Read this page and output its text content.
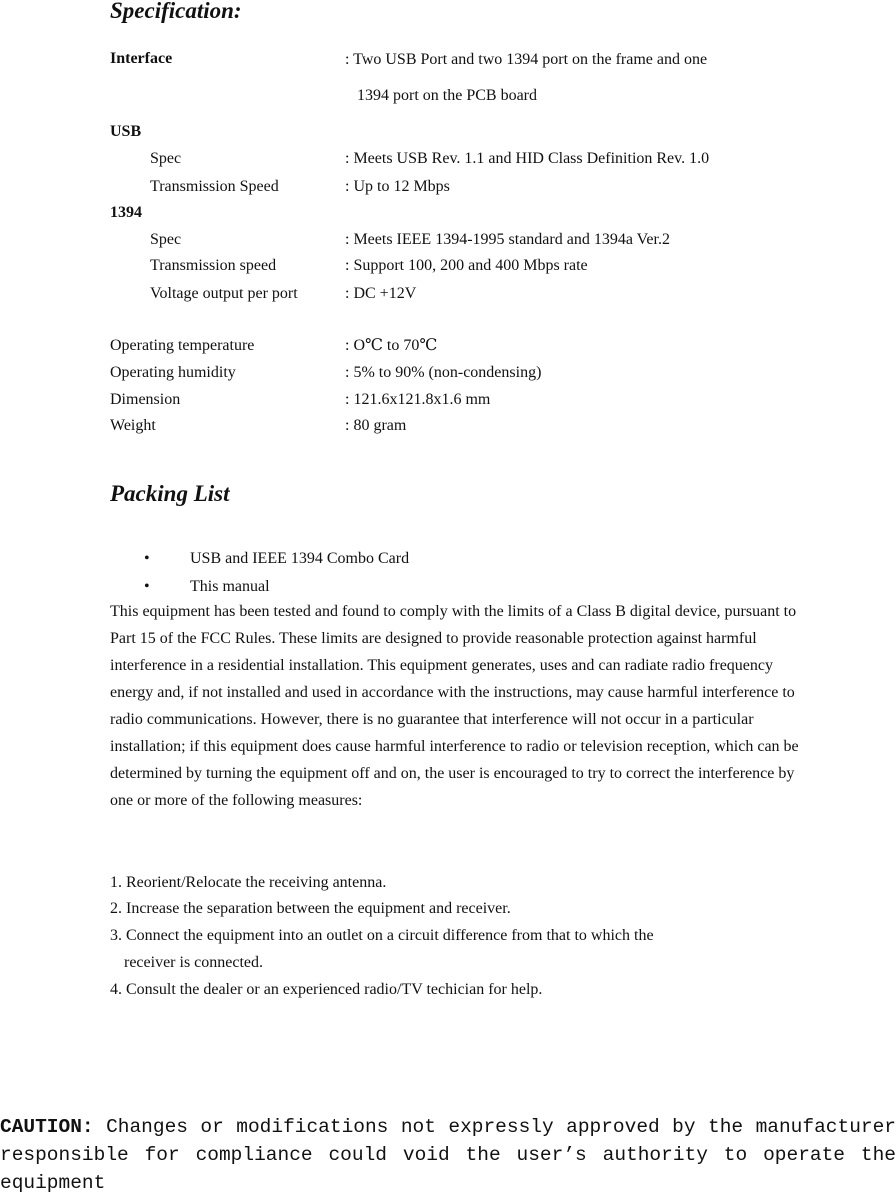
Specification:
Interface	: Two USB Port and two 1394 port on the frame and one
1394 port on the PCB board
USB
Spec	: Meets USB Rev. 1.1 and HID Class Definition Rev. 1.0
Transmission Speed	: Up to 12 Mbps
1394
Spec	: Meets IEEE 1394-1995 standard and 1394a Ver.2
Transmission speed	: Support 100, 200 and 400 Mbps rate
Voltage output per port	: DC +12V
Operating temperature	: O℃ to 70℃
Operating humidity	: 5% to 90% (non-condensing)
Dimension	: 121.6x121.8x1.6 mm
Weight	: 80 gram
Packing List
•	USB and IEEE 1394 Combo Card
•	This manual

This equipment has been tested and found to comply with the limits of a Class B digital device, pursuant to Part 15 of the FCC Rules. These limits are designed to provide reasonable protection against harmful interference in a residential installation. This equipment generates, uses and can radiate radio frequency energy and, if not installed and used in accordance with the instructions, may cause harmful interference to radio communications. However, there is no guarantee that interference will not occur in a particular installation; if this equipment does cause harmful interference to radio or television reception, which can be determined by turning the equipment off and on, the user is encouraged to try to correct the interference by one or more of the following measures:

1. Reorient/Relocate the receiving antenna.
2. Increase the separation between the equipment and receiver.
3. Connect the equipment into an outlet on a circuit difference from that to which the
receiver is connected.
4. Consult the dealer or an experienced radio/TV techician for help.

CAUTION: Changes or modifications not expressly approved by the manufacturer responsible for compliance could void the user’s authority to operate the equipment
